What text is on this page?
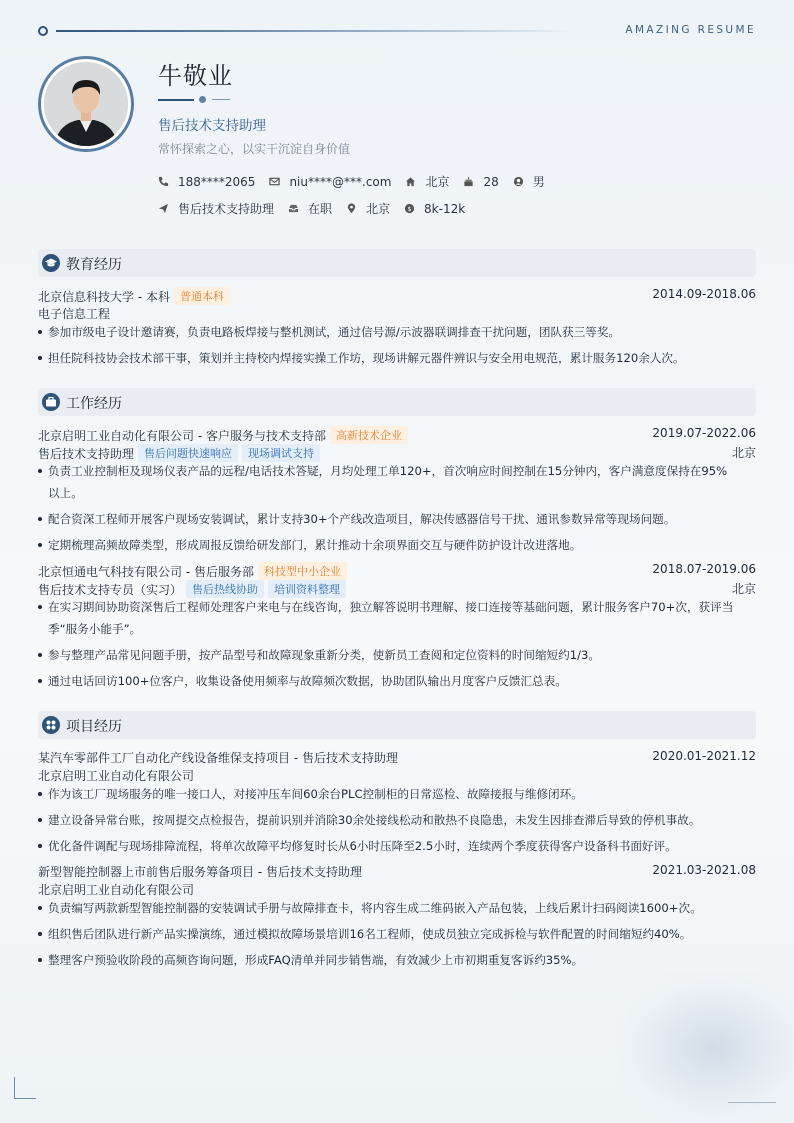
AMAZING RESUME
牛敬业
售后技术支持助理
常怀探索之心，以实干沉淀自身价值
188****2065	niu****@***.com	北京	28	男
售后技术支持助理	在职	北京 $ 8k-12k
教育经历
北京信息科技大学 - 本科 普通本科	2014.09-2018.06
电子信息工程
参加市级电子设计邀请赛，负责电路板焊接与整机测试，通过信号源/示波器联调排查干扰问题，团队获三等奖。
担任院科技协会技术部干事，策划并主持校内焊接实操工作坊，现场讲解元器件辨识与安全用电规范，累计服务120余人次。
工作经历
北京启明工业自动化有限公司 - 客户服务与技术支持部 高新技术企业	2019.07-2022.06
售后技术支持助理 售后问题快速响应 现场调试支持	北京
负责工业控制柜及现场仪表产品的远程/电话技术答疑，月均处理工单120+，首次响应时间控制在15分钟内，客户满意度保持在95%
以上。
配合资深工程师开展客户现场安装调试，累计支持30+个产线改造项目，解决传感器信号干扰、通讯参数异常等现场问题。
定期梳理高频故障类型，形成周报反馈给研发部门，累计推动十余项界面交互与硬件防护设计改进落地。
北京恒通电气科技有限公司 - 售后服务部 科技型中小企业	2018.07-2019.06
售后技术支持专员（实习） 售后热线协助 培训资料整理	北京
在实习期间协助资深售后工程师处理客户来电与在线咨询，独立解答说明书理解、接口连接等基础问题，累计服务客户70+次，获评当
季“服务小能手”。
参与整理产品常见问题手册，按产品型号和故障现象重新分类，使新员工查阅和定位资料的时间缩短约1/3。
通过电话回访100+位客户，收集设备使用频率与故障频次数据，协助团队输出月度客户反馈汇总表。
项目经历
某汽车零部件工厂自动化产线设备维保支持项目 - 售后技术支持助理	2020.01-2021.12
北京启明工业自动化有限公司
作为该工厂现场服务的唯一接口人，对接冲压车间60余台PLC控制柜的日常巡检、故障接报与维修闭环。
建立设备异常台账，按周提交点检报告，提前识别并消除30余处接线松动和散热不良隐患，未发生因排查滞后导致的停机事故。
优化备件调配与现场排障流程，将单次故障平均修复时长从6小时压降至2.5小时，连续两个季度获得客户设备科书面好评。
新型智能控制器上市前售后服务筹备项目 - 售后技术支持助理	2021.03-2021.08
北京启明工业自动化有限公司
负责编写两款新型智能控制器的安装调试手册与故障排查卡，将内容生成二维码嵌入产品包装，上线后累计扫码阅读1600+次。
组织售后团队进行新产品实操演练，通过模拟故障场景培训16名工程师，使成员独立完成拆检与软件配置的时间缩短约40%。
整理客户预验收阶段的高频咨询问题，形成FAQ清单并同步销售端，有效减少上市初期重复客诉约35%。
